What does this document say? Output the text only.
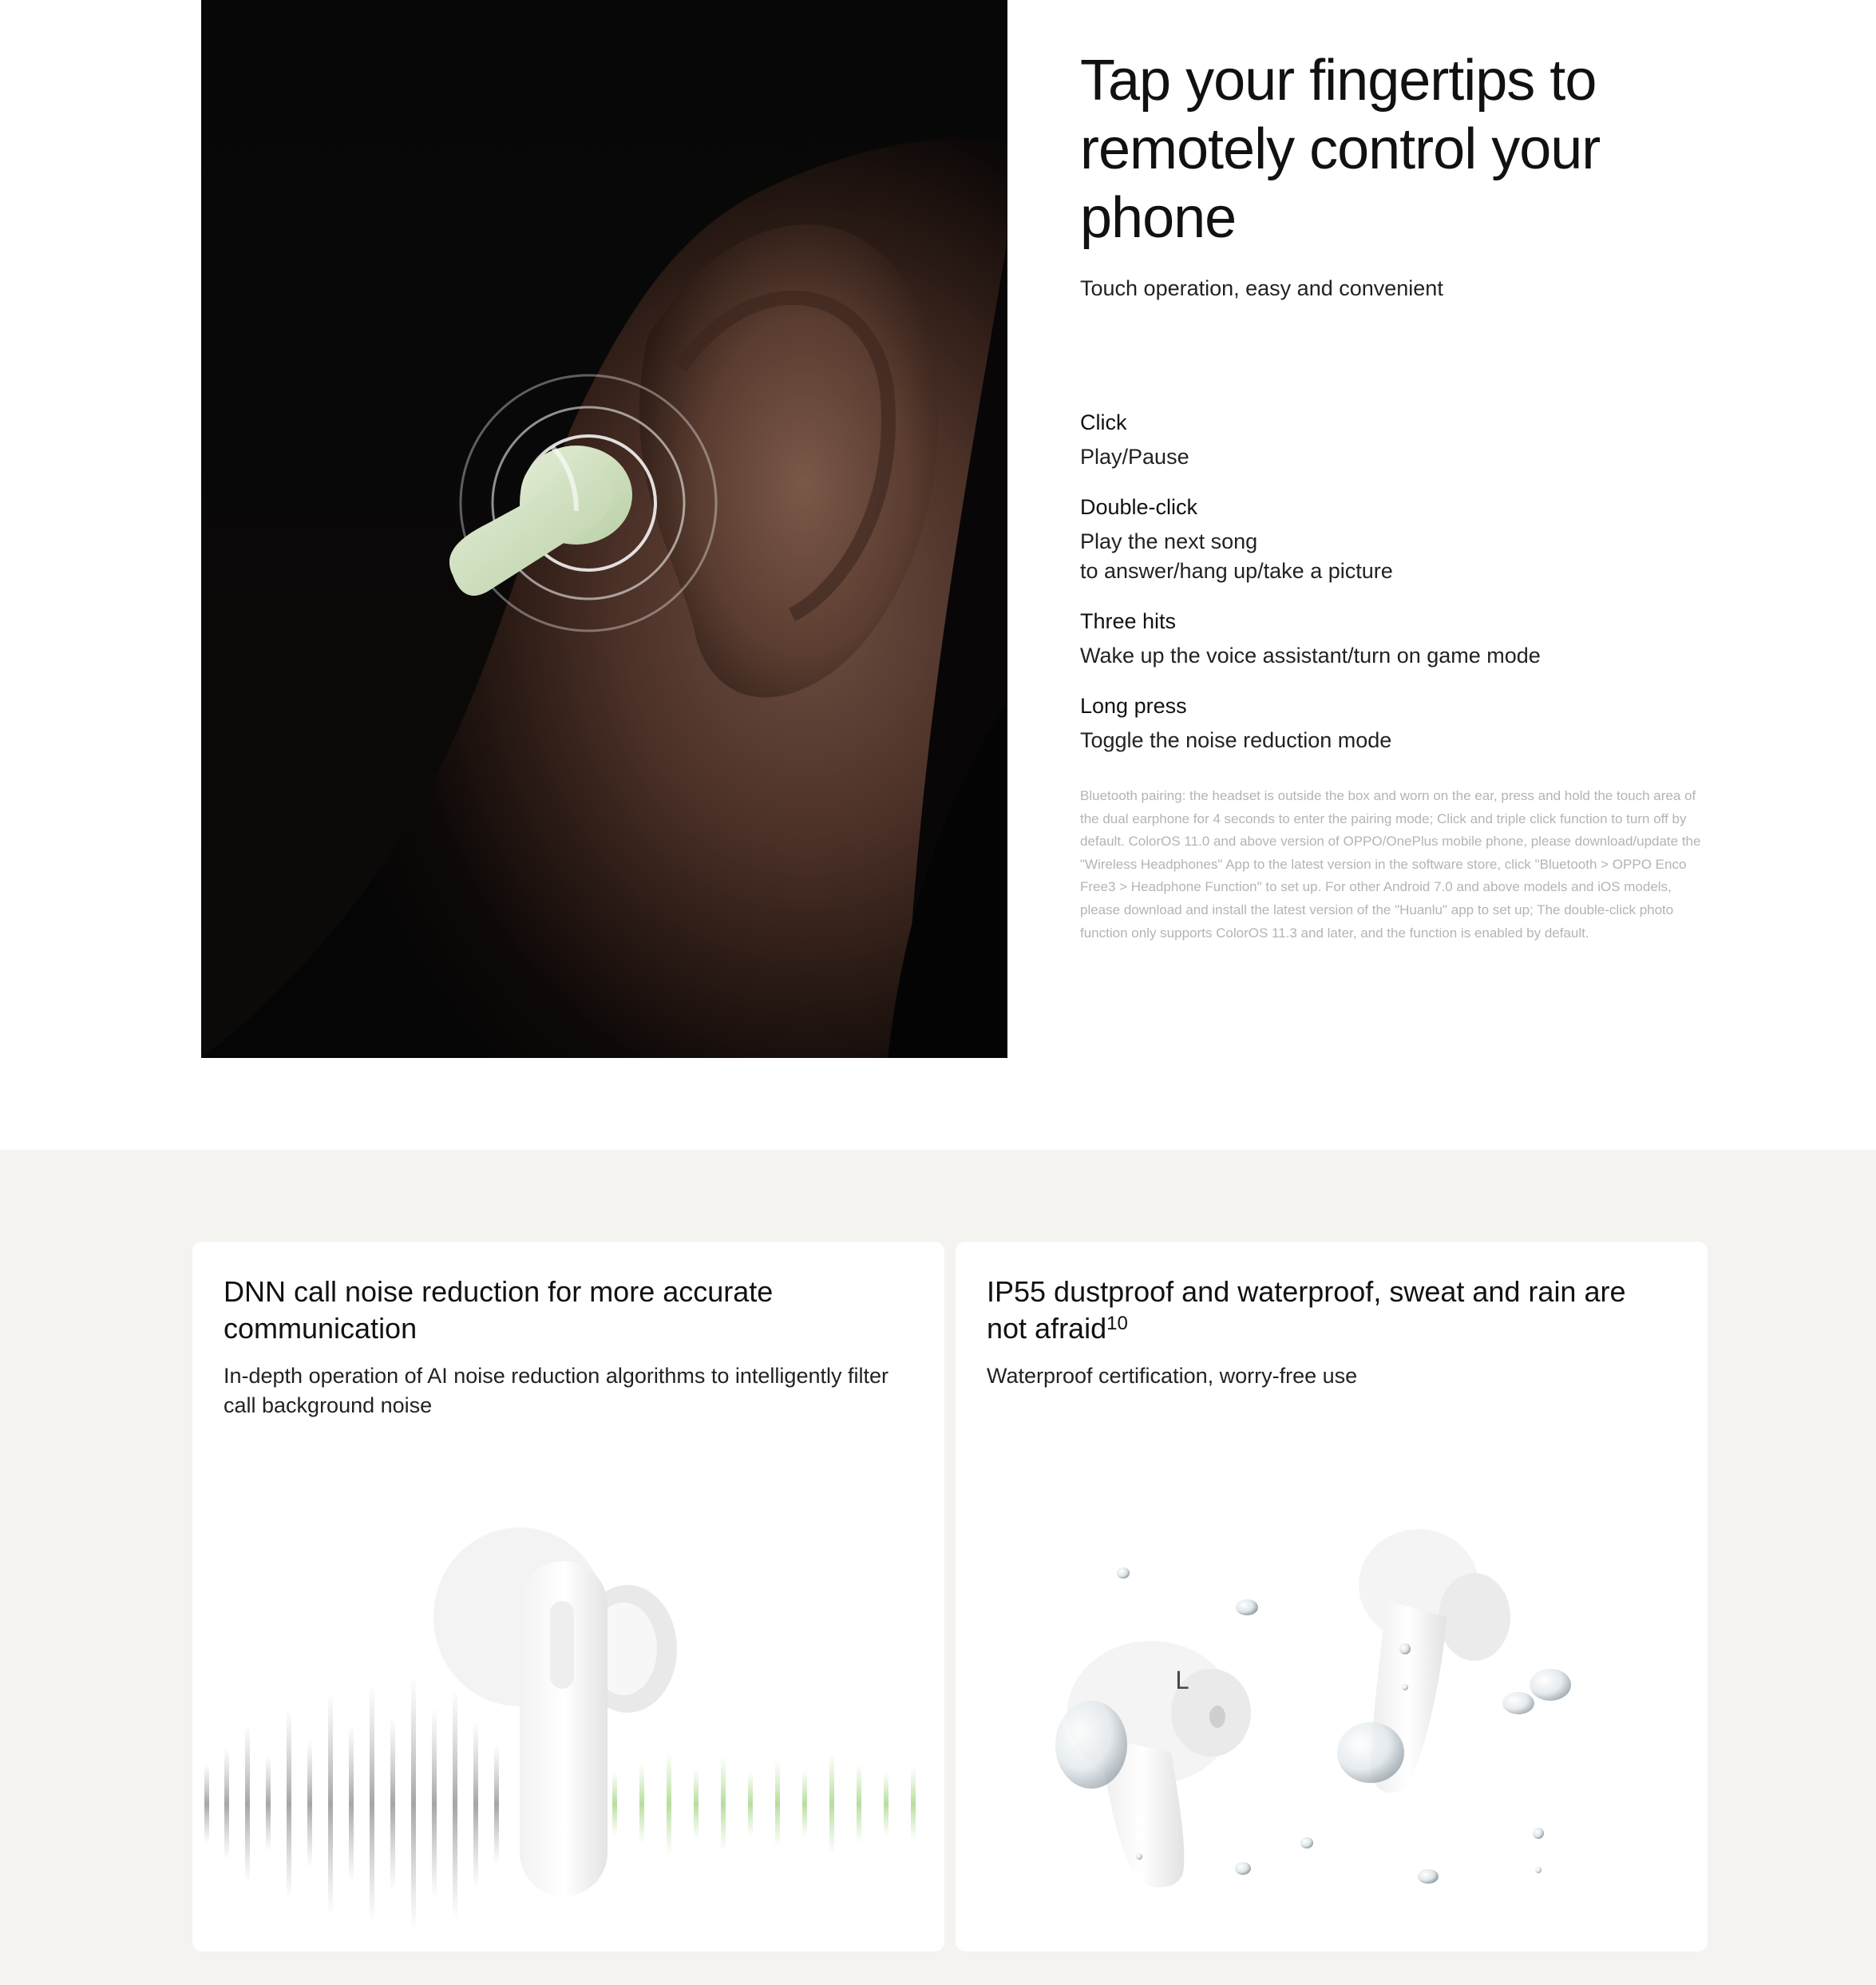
Tap your fingertips to remotely control your phone
Touch operation, easy and convenient
Click
Play/Pause
Double-click
Play the next song
to answer/hang up/take a picture
Three hits
Wake up the voice assistant/turn on game mode
Long press
Toggle the noise reduction mode
Bluetooth pairing: the headset is outside the box and worn on the ear, press and hold the touch area of the dual earphone for 4 seconds to enter the pairing mode; Click and triple click function to turn off by default. ColorOS 11.0 and above version of OPPO/OnePlus mobile phone, please download/update the "Wireless Headphones" App to the latest version in the software store, click "Bluetooth > OPPO Enco Free3 > Headphone Function" to set up. For other Android 7.0 and above models and iOS models, please download and install the latest version of the "Huanlu" app to set up; The double-click photo function only supports ColorOS 11.3 and later, and the function is enabled by default.
DNN call noise reduction for more accurate communication
In-depth operation of AI noise reduction algorithms to intelligently filter call background noise
L
IP55 dustproof and waterproof, sweat and rain are not afraid$^{10}$
Waterproof certification, worry-free use
